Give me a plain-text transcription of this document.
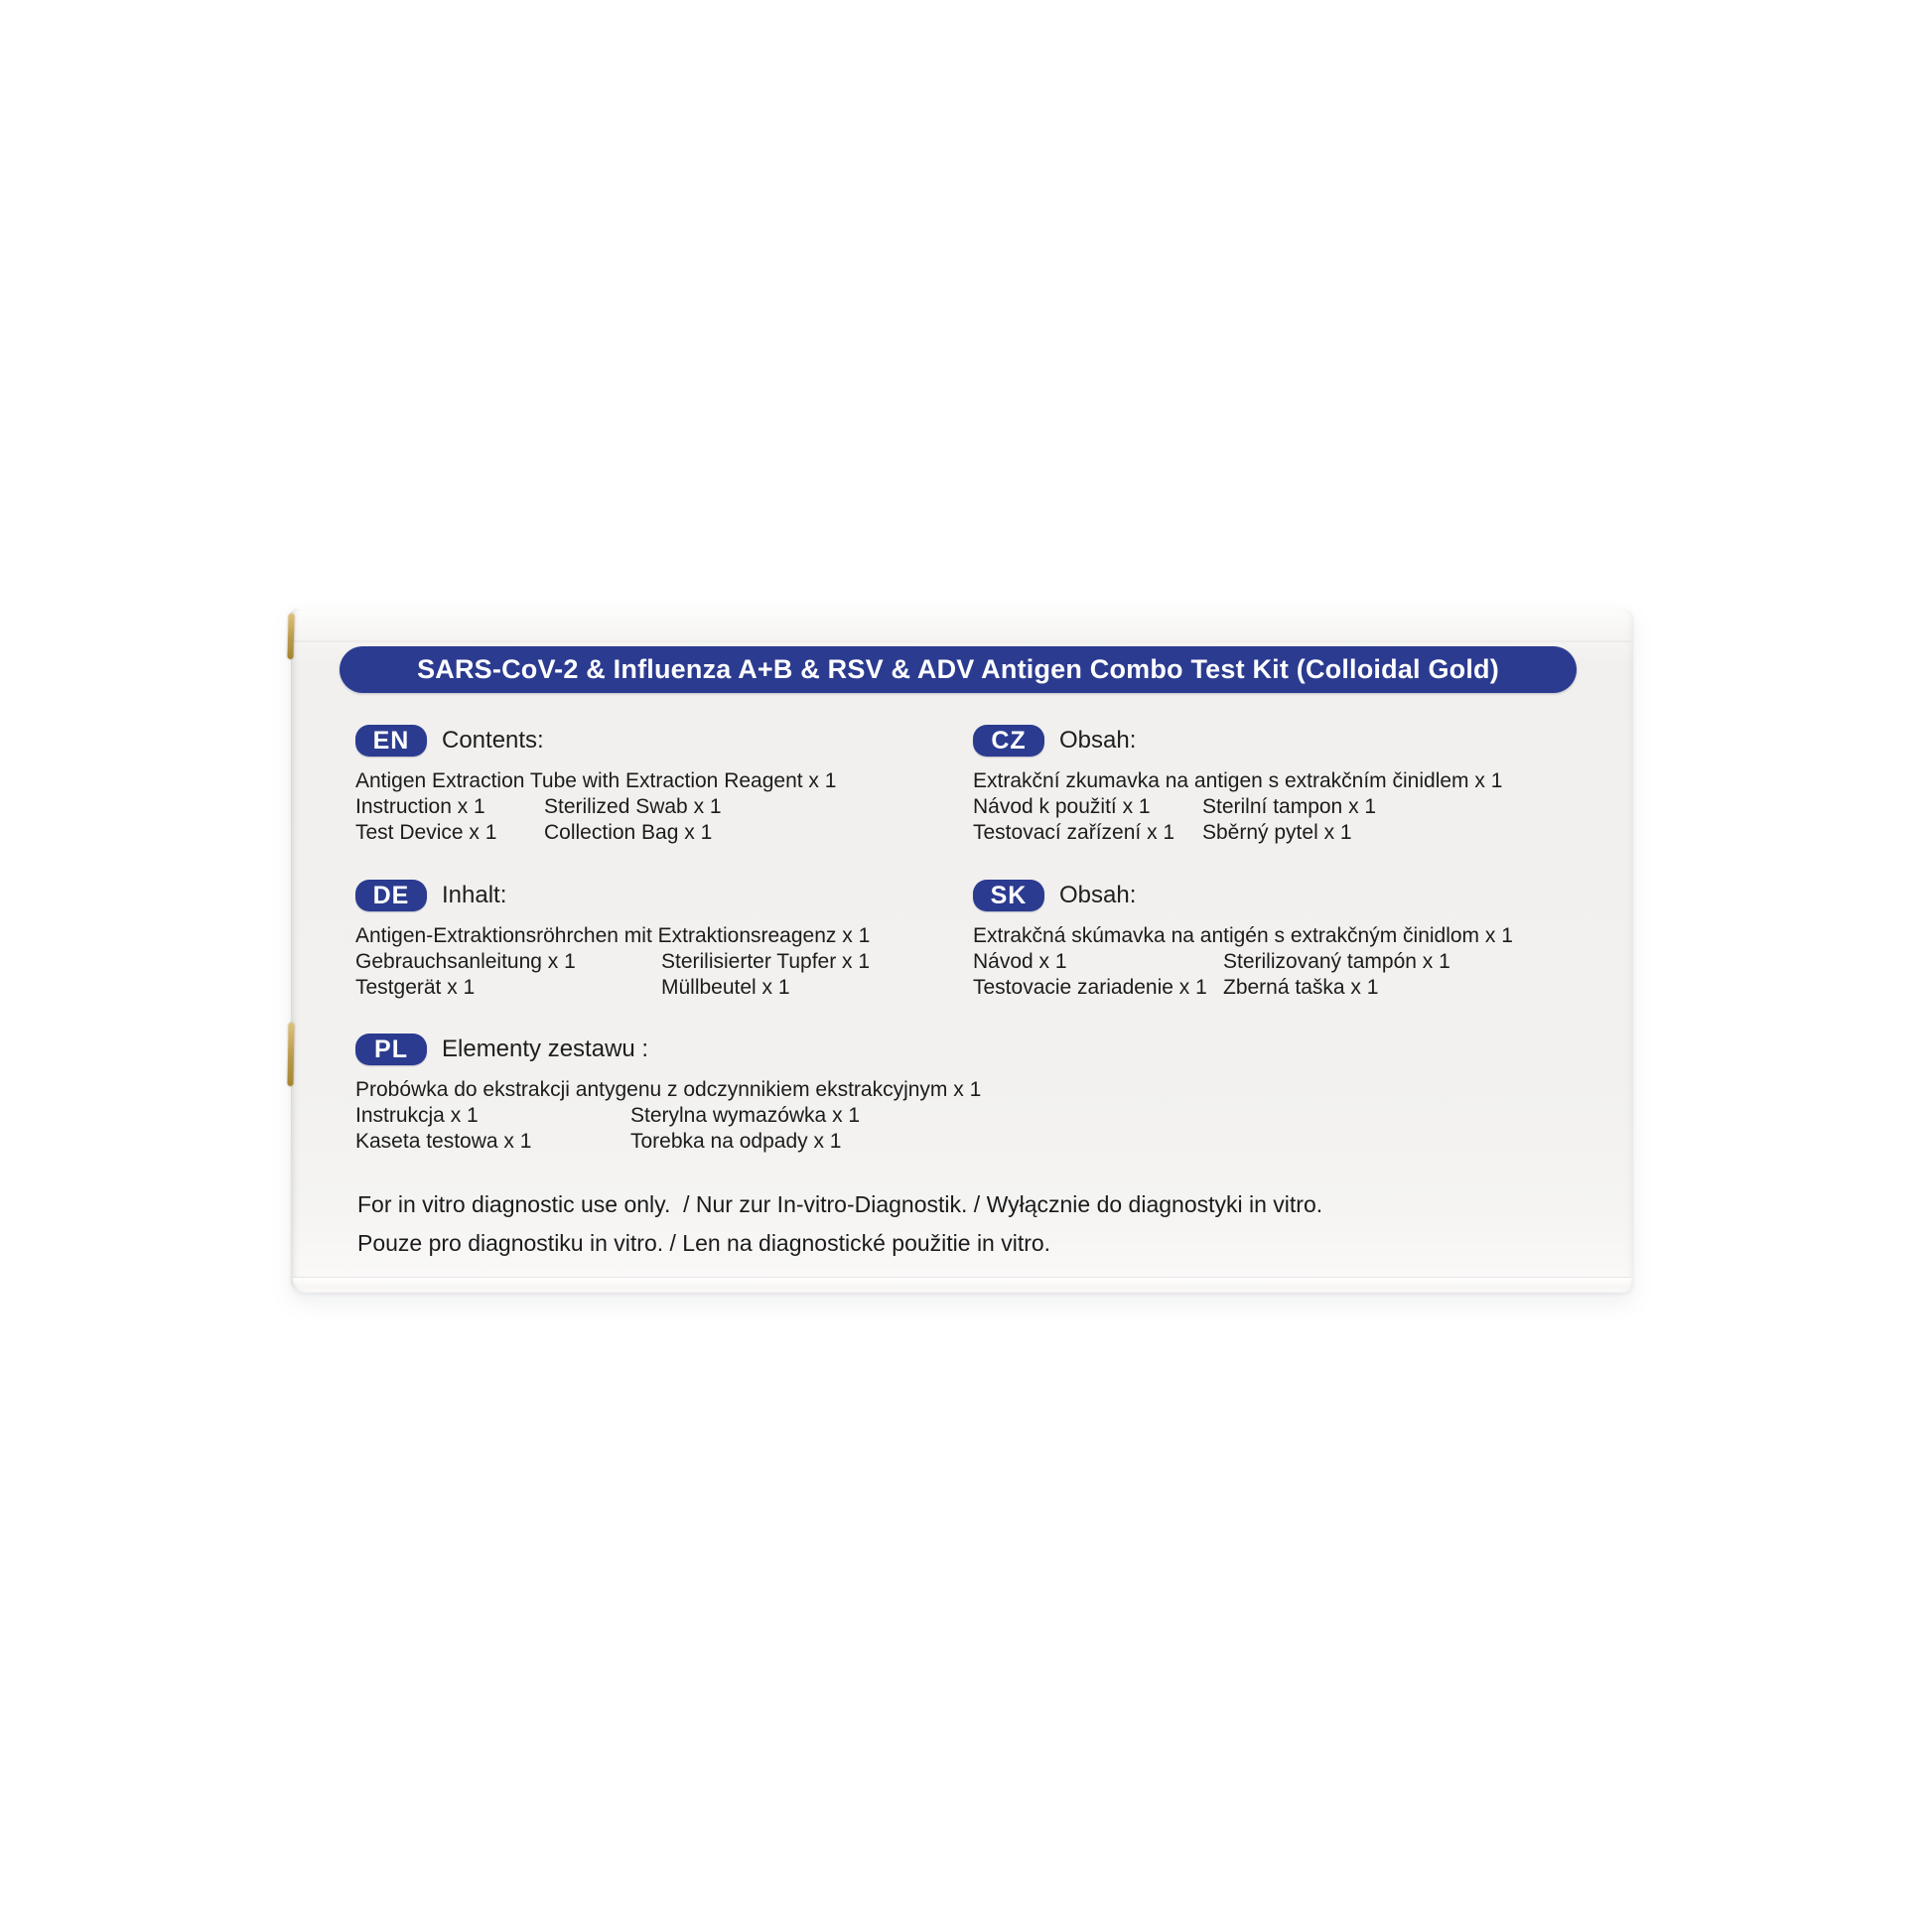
SARS-CoV-2 & Influenza A+B & RSV & ADV Antigen Combo Test Kit (Colloidal Gold)
EN	Contents:
Antigen Extraction Tube with Extraction Reagent x 1
Instruction x 1	Sterilized Swab x 1
Test Device x 1	Collection Bag x 1
CZ	Obsah:
Extrakční zkumavka na antigen s extrakčním činidlem x 1
Návod k použití x 1	Sterilní tampon x 1
Testovací zařízení x 1	Sběrný pytel x 1
DE	Inhalt:
Antigen-Extraktionsröhrchen mit Extraktionsreagenz x 1
Gebrauchsanleitung x 1	Sterilisierter Tupfer x 1
Testgerät x 1	Müllbeutel x 1
SK	Obsah:
Extrakčná skúmavka na antigén s extrakčným činidlom x 1
Návod x 1	Sterilizovaný tampón x 1
Testovacie zariadenie x 1 Zberná taška x 1
PL	Elementy zestawu :
Probówka do ekstrakcji antygenu z odczynnikiem ekstrakcyjnym x 1
Instrukcja x 1	Sterylna wymazówka x 1
Kaseta testowa x 1	Torebka na odpady x 1
For in vitro diagnostic use only.  / Nur zur In-vitro-Diagnostik. / Wyłącznie do diagnostyki in vitro.
Pouze pro diagnostiku in vitro. / Len na diagnostické použitie in vitro.
